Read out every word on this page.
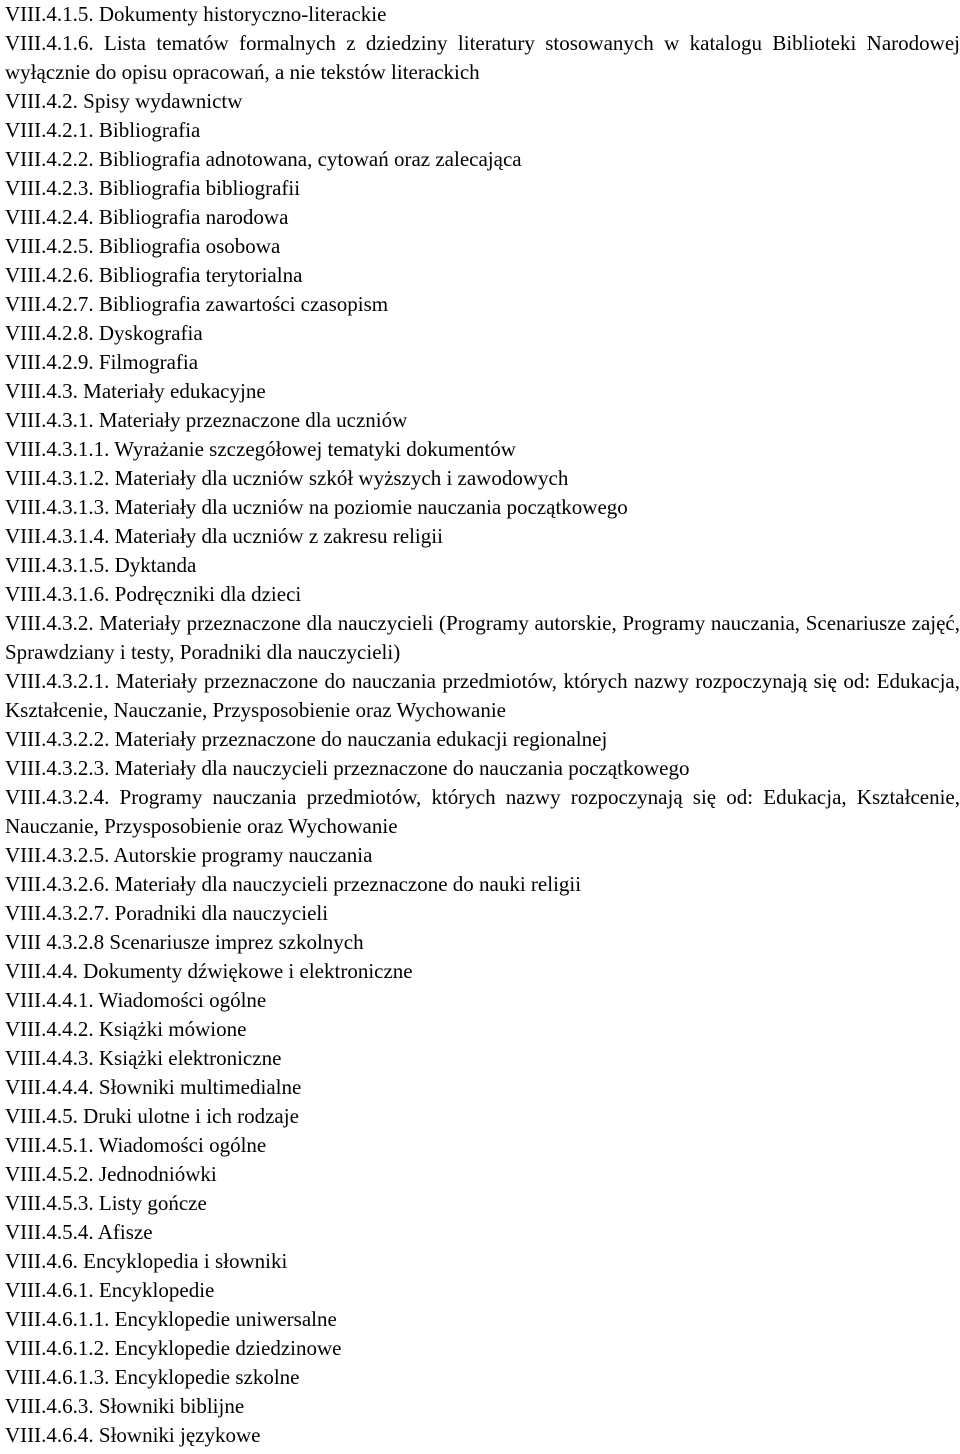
VIII.4.1.5. Dokumenty historyczno-literackie

VIII.4.1.6. Lista tematów formalnych z dziedziny literatury stosowanych w katalogu Biblioteki Narodowej wyłącznie do opisu opracowań, a nie tekstów literackich

VIII.4.2. Spisy wydawnictw

VIII.4.2.1. Bibliografia

VIII.4.2.2. Bibliografia adnotowana, cytowań oraz zalecająca

VIII.4.2.3. Bibliografia bibliografii

VIII.4.2.4. Bibliografia narodowa

VIII.4.2.5. Bibliografia osobowa

VIII.4.2.6. Bibliografia terytorialna

VIII.4.2.7. Bibliografia zawartości czasopism

VIII.4.2.8. Dyskografia

VIII.4.2.9. Filmografia

VIII.4.3. Materiały edukacyjne

VIII.4.3.1. Materiały przeznaczone dla uczniów

VIII.4.3.1.1. Wyrażanie szczegółowej tematyki dokumentów

VIII.4.3.1.2. Materiały dla uczniów szkół wyższych i zawodowych

VIII.4.3.1.3. Materiały dla uczniów na poziomie nauczania początkowego

VIII.4.3.1.4. Materiały dla uczniów z zakresu religii

VIII.4.3.1.5. Dyktanda

VIII.4.3.1.6. Podręczniki dla dzieci

VIII.4.3.2. Materiały przeznaczone dla nauczycieli (Programy autorskie, Programy nauczania, Scenariusze zajęć, Sprawdziany i testy, Poradniki dla nauczycieli)

VIII.4.3.2.1. Materiały przeznaczone do nauczania przedmiotów, których nazwy rozpoczynają się od: Edukacja, Kształcenie, Nauczanie, Przysposobienie oraz Wychowanie

VIII.4.3.2.2. Materiały przeznaczone do nauczania edukacji regionalnej

VIII.4.3.2.3. Materiały dla nauczycieli przeznaczone do nauczania początkowego

VIII.4.3.2.4. Programy nauczania przedmiotów, których nazwy rozpoczynają się od: Edukacja, Kształcenie, Nauczanie, Przysposobienie oraz Wychowanie

VIII.4.3.2.5. Autorskie programy nauczania

VIII.4.3.2.6. Materiały dla nauczycieli przeznaczone do nauki religii

VIII.4.3.2.7. Poradniki dla nauczycieli

VIII 4.3.2.8 Scenariusze imprez szkolnych

VIII.4.4. Dokumenty dźwiękowe i elektroniczne

VIII.4.4.1. Wiadomości ogólne

VIII.4.4.2. Książki mówione

VIII.4.4.3. Książki elektroniczne

VIII.4.4.4. Słowniki multimedialne

VIII.4.5. Druki ulotne i ich rodzaje

VIII.4.5.1. Wiadomości ogólne

VIII.4.5.2. Jednodniówki

VIII.4.5.3. Listy gończe

VIII.4.5.4. Afisze

VIII.4.6. Encyklopedia i słowniki

VIII.4.6.1. Encyklopedie

VIII.4.6.1.1. Encyklopedie uniwersalne

VIII.4.6.1.2. Encyklopedie dziedzinowe

VIII.4.6.1.3. Encyklopedie szkolne

VIII.4.6.3. Słowniki biblijne

VIII.4.6.4. Słowniki językowe
